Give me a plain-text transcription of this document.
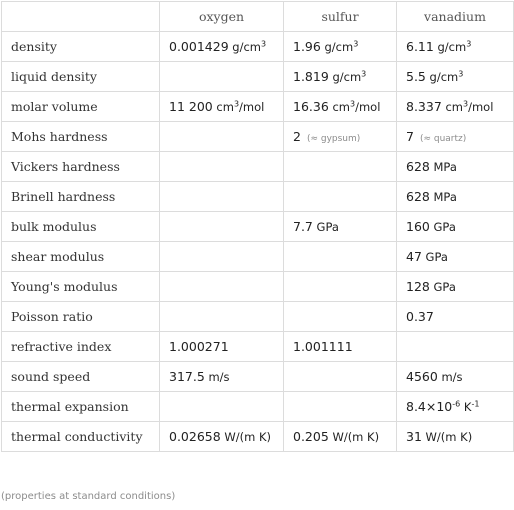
	oxygen	sulfur	vanadium
density	0.001429 $g/cm^3$	1.96 $g/cm^3$	6.11 $g/cm^3$
liquid density		1.819 $g/cm^3$	5.5 $g/cm^3$
molar volume	11 200 $cm^3$/mol	16.36 $cm^3$/mol	8.337 $cm^3$/mol
Mohs hardness		2 (≈ gypsum)	7 (≈ quartz)
Vickers hardness			628 MPa
Brinell hardness			628 MPa
bulk modulus		7.7 GPa	160 GPa
shear modulus			47 GPa
Young's modulus			128 GPa
Poisson ratio			0.37
refractive index	1.000271	1.001111	
sound speed	317.5 m/s		4560 m/s
thermal expansion			$8.4\times 10^{-6}$ $K^{-1}$
thermal conductivity	0.02658 W/(m K)	0.205 W/(m K)	31 W/(m K)
(properties at standard conditions)
